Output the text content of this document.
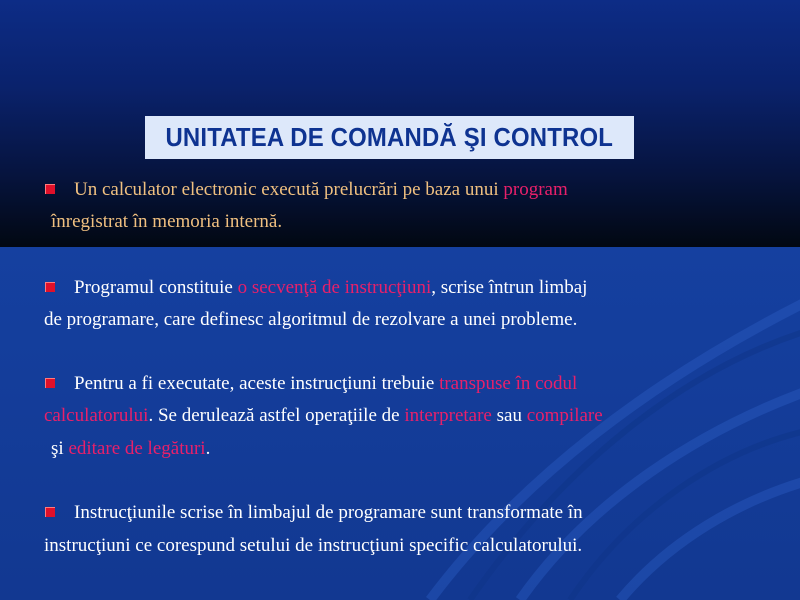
UNITATEA DE COMANDĂ ŞI CONTROL
Un calculator electronic execută prelucrări pe baza unui program
înregistrat în memoria internă.
Programul constituie o secvenţă de instrucţiuni, scrise întrun limbaj
de programare, care definesc algoritmul de rezolvare a unei probleme.
Pentru a fi executate, aceste instrucţiuni trebuie transpuse în codul
calculatorului. Se derulează astfel operaţiile de interpretare sau compilare
şi editare de legături.
Instrucţiunile scrise în limbajul de programare sunt transformate în
instrucţiuni ce corespund setului de instrucţiuni specific calculatorului.
